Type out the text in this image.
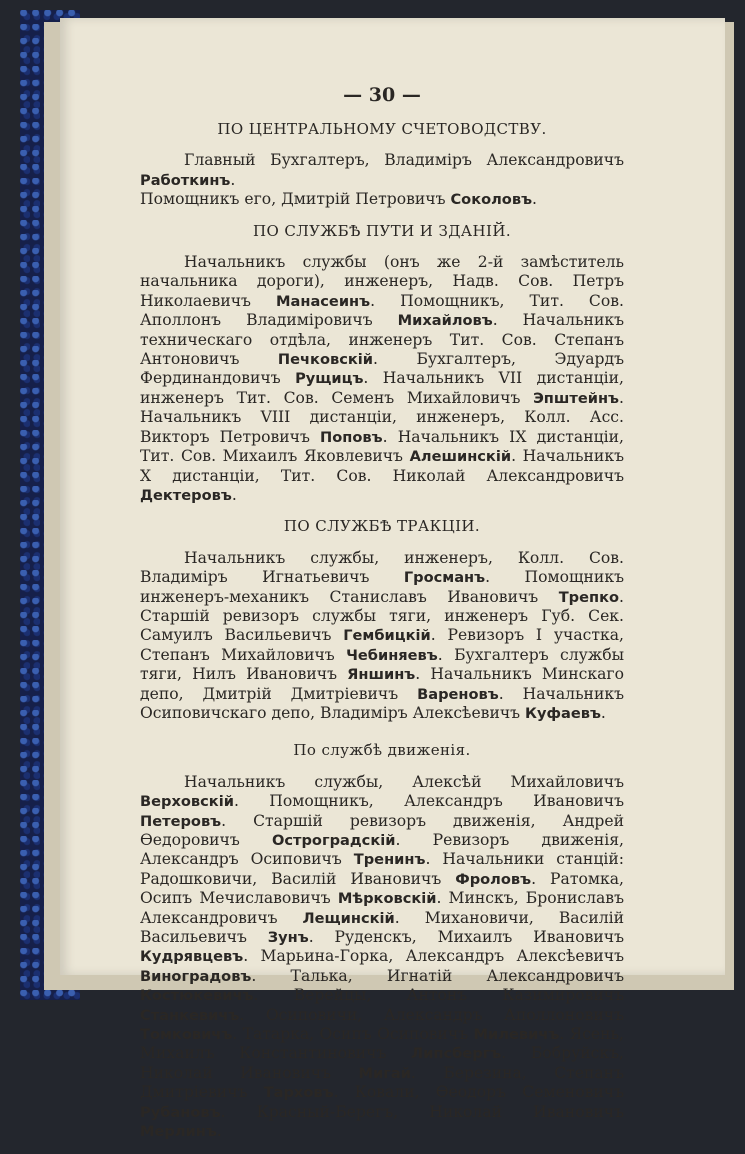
— 30 —
ПО ЦЕНТРАЛЬНОМУ СЧЕТОВОДСТВУ.
Главный Бухгалтеръ, Владиміръ Александровичъ Работкинъ.
Помощникъ его, Дмитрій Петровичъ Соколовъ.
ПО СЛУЖБѢ ПУТИ И ЗДАНІЙ.
Начальникъ службы (онъ же 2-й замѣститель начальника дороги), инженеръ, Надв. Сов. Петръ Николаевичъ Манасеинъ. Помощникъ, Тит. Сов. Аполлонъ Владиміровичъ Михайловъ. Начальникъ техническаго отдѣла, инженеръ Тит. Сов. Степанъ Антоновичъ Печковскій. Бухгалтеръ, Эдуардъ Фердинандовичъ Рущицъ. Начальникъ VII дистанціи, инженеръ Тит. Сов. Семенъ Михайловичъ Эпштейнъ. Начальникъ VIII дистанціи, инженеръ, Колл. Асс. Викторъ Петровичъ Поповъ. Начальникъ IX дистанціи, Тит. Сов. Михаилъ Яковлевичъ Алешинскій. Начальникъ X дистанціи, Тит. Сов. Николай Александровичъ Дектеровъ.
ПО СЛУЖБѢ ТРАКЦІИ.
Начальникъ службы, инженеръ, Колл. Сов. Владиміръ Игнатьевичъ Гросманъ. Помощникъ инженеръ-механикъ Станиславъ Ивановичъ Трепко. Старшій ревизоръ службы тяги, инженеръ Губ. Сек. Самуилъ Васильевичъ Гембицкій. Ревизоръ I участка, Степанъ Михайловичъ Чебиняевъ. Бухгалтеръ службы тяги, Нилъ Ивановичъ Яншинъ. Начальникъ Минскаго депо, Дмитрій Дмитріевичъ Вареновъ. Начальникъ Осиповичскаго депо, Владиміръ Алексѣевичъ Куфаевъ.
По службѣ движенія.
Начальникъ службы, Алексѣй Михайловичъ Верховскій. Помощникъ, Александръ Ивановичъ Петеровъ. Старшій ревизоръ движенія, Андрей Ѳедоровичъ Острогрaдскій. Ревизоръ движенія, Александръ Осиповичъ Трeнинъ. Начальники станцій: Радошковичи, Василій Ивановичъ Фроловъ. Ратомка, Осипъ Мечиславовичъ Мѣрковскій. Минскъ, Брониславъ Александровичъ Лещинскій. Михановичи, Василій Васильевичъ Зунъ. Руденскъ, Михаилъ Ивановичъ Кудрявцевъ. Марьина-Горка, Александръ Алексѣевичъ Виноградовъ. Талька, Игнатій Александровичъ Костюкевичъ. Верейцы, Антонъ Казимировичъ Станкевичъ. Осиповичи, Александръ Аполлоновичъ Томковичъ. Татарка, Осипъ Осиповичъ Милевичъ. Ясень, Михаилъ Константиновичъ Липсбергъ. Бобруйскъ, Николай Ивановичъ Мигай. Березина, Степанъ Дмитріевичъ Тарховъ. Ковали, Ѳеодоръ Семеновичъ Рубановъ. Красный-Берегъ, Николай Ивановичъ Мерлинъ.
